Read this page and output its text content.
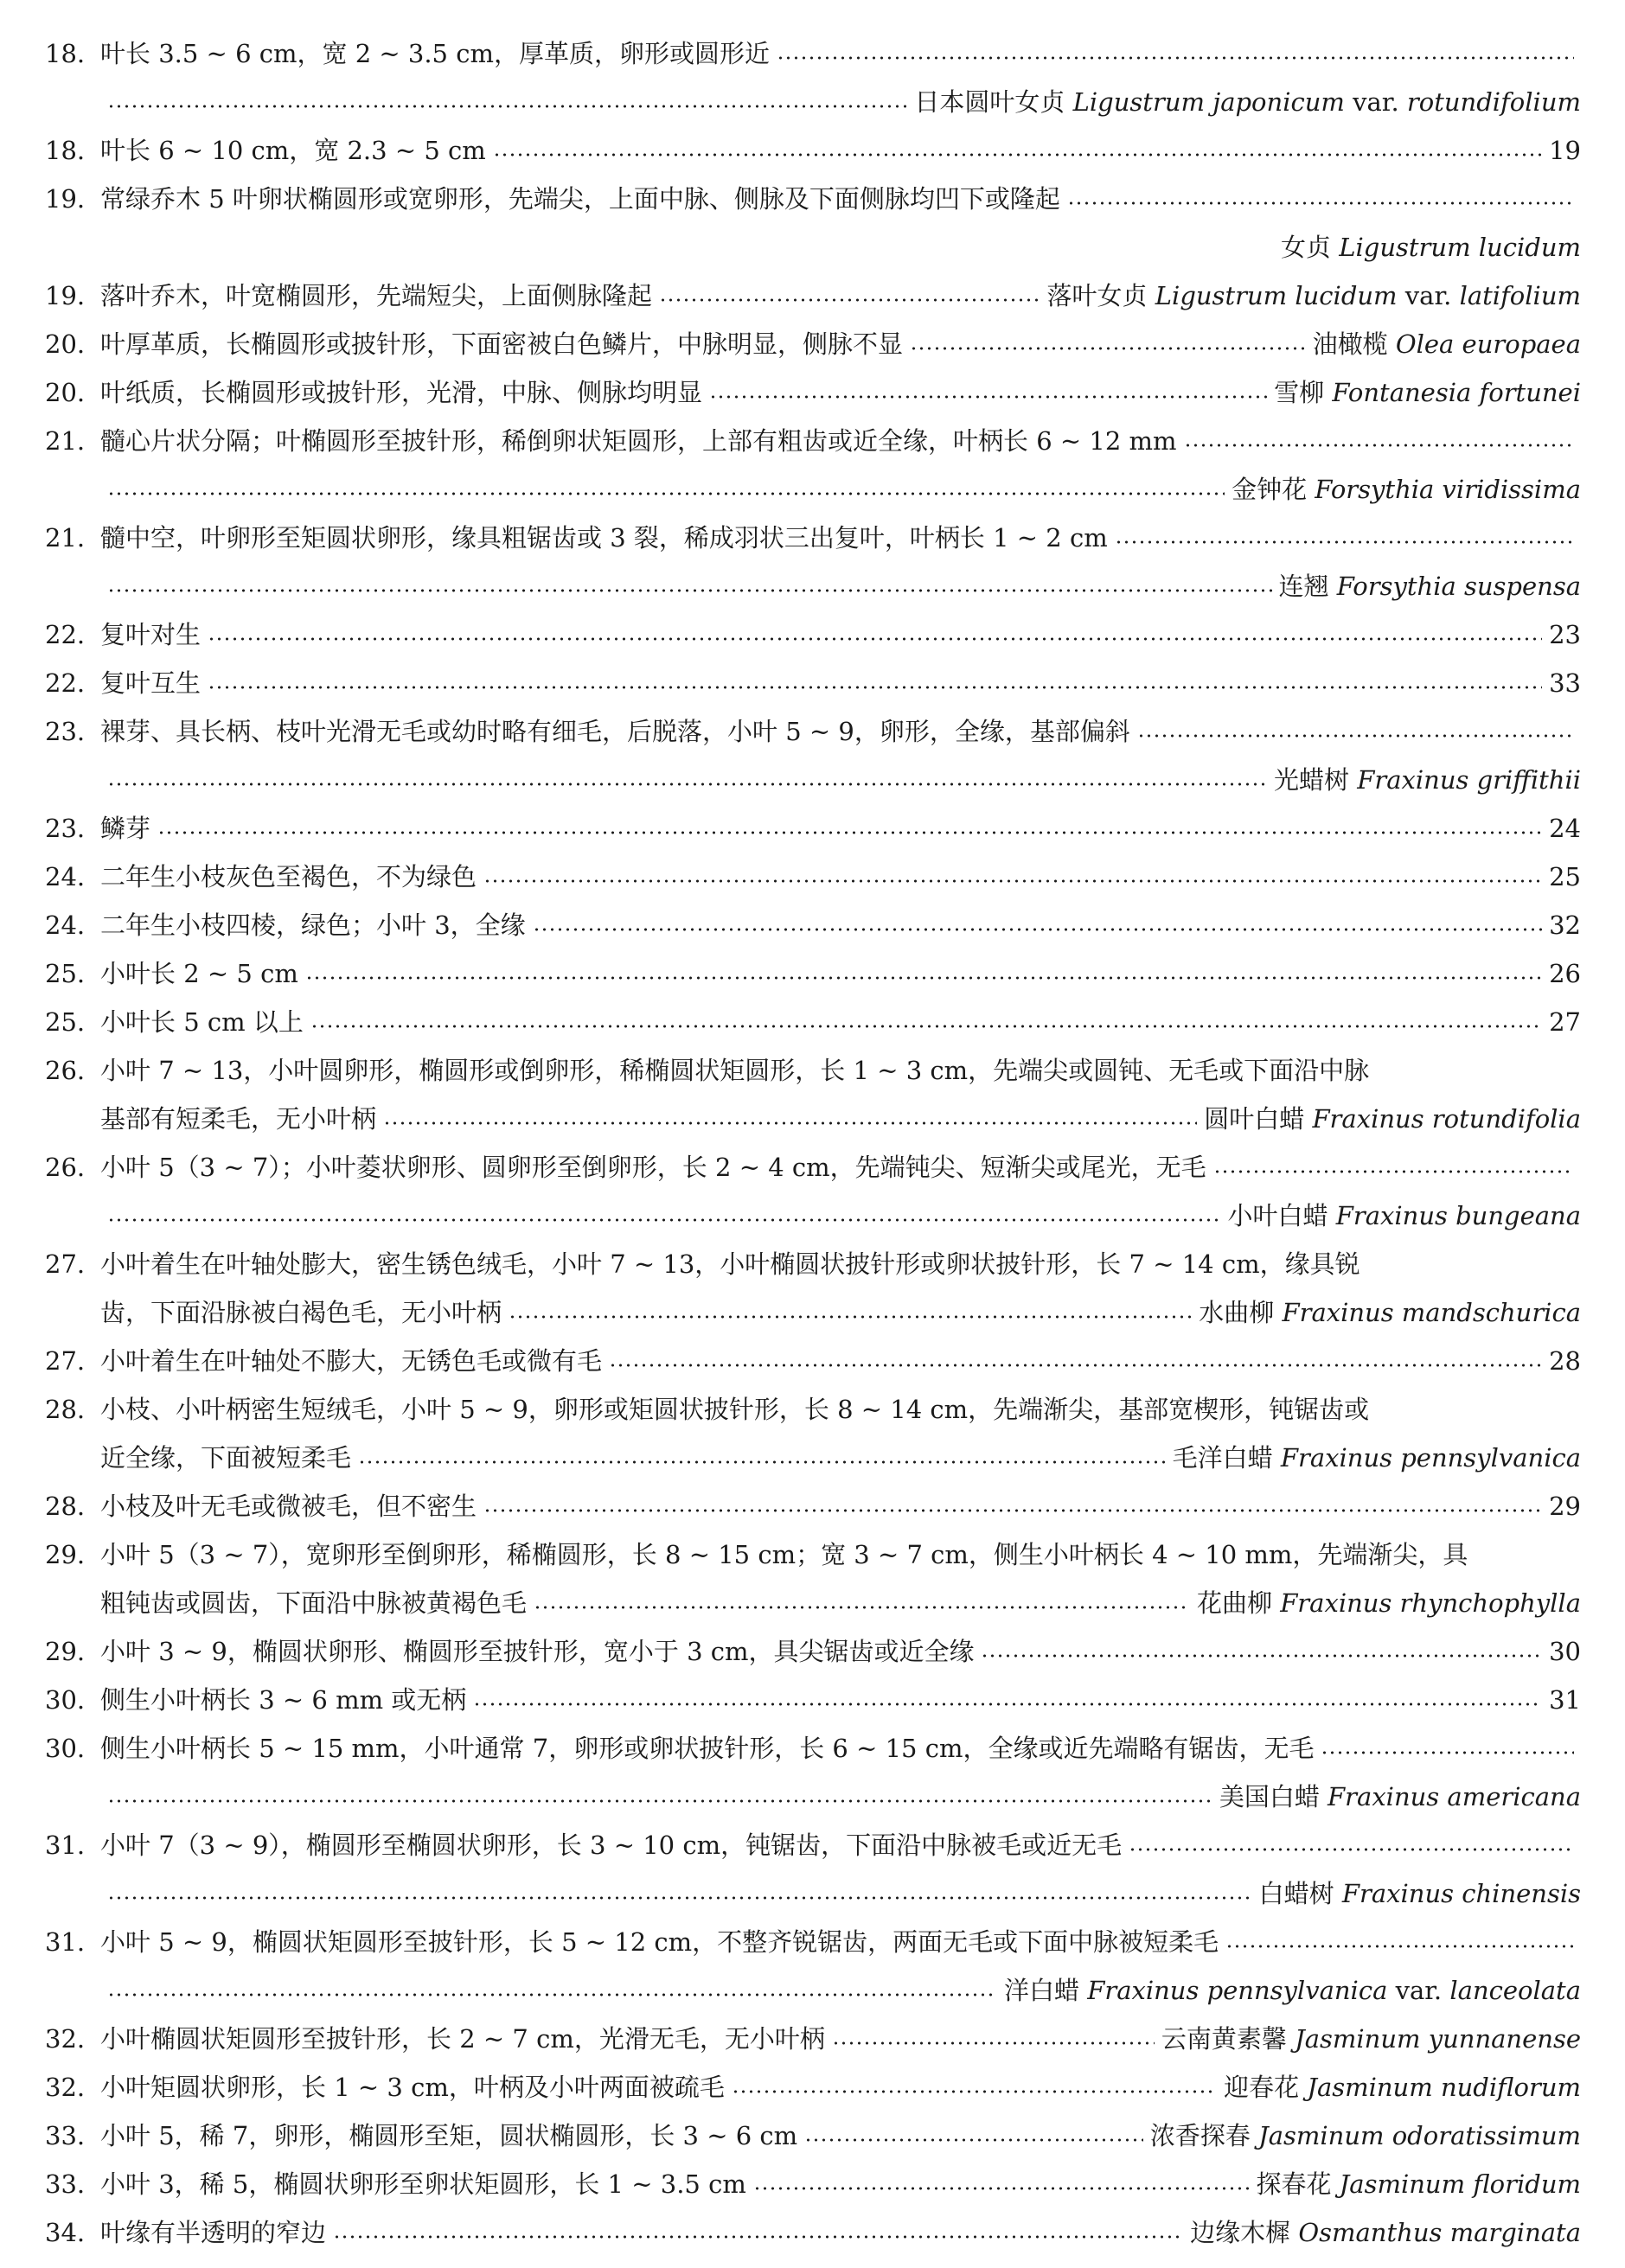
18. 叶长 3.5 ~ 6 cm，宽 2 ~ 3.5 cm，厚革质，卵形或圆形近
日本圆叶女贞 Ligustrum japonicum var. rotundifolium
18. 叶长 6 ~ 10 cm，宽 2.3 ~ 5 cm	19
19. 常绿乔木 5 叶卵状椭圆形或宽卵形，先端尖，上面中脉、侧脉及下面侧脉均凹下或隆起
女贞 Ligustrum lucidum
19. 落叶乔木，叶宽椭圆形，先端短尖，上面侧脉隆起	落叶女贞 Ligustrum lucidum var. latifolium
20. 叶厚革质，长椭圆形或披针形，下面密被白色鳞片，中脉明显，侧脉不显	油橄榄 Olea europaea
20. 叶纸质，长椭圆形或披针形，光滑，中脉、侧脉均明显	雪柳 Fontanesia fortunei
21. 髓心片状分隔；叶椭圆形至披针形，稀倒卵状矩圆形，上部有粗齿或近全缘，叶柄长 6 ~ 12 mm
金钟花 Forsythia viridissima
21. 髓中空，叶卵形至矩圆状卵形，缘具粗锯齿或 3 裂，稀成羽状三出复叶，叶柄长 1 ~ 2 cm
连翘 Forsythia suspensa
22. 复叶对生	23
22. 复叶互生	33
23. 裸芽、具长柄、枝叶光滑无毛或幼时略有细毛，后脱落，小叶 5 ~ 9，卵形，全缘，基部偏斜
光蜡树 Fraxinus griffithii
23. 鳞芽	24
24. 二年生小枝灰色至褐色，不为绿色	25
24. 二年生小枝四棱，绿色；小叶 3，全缘	32
25. 小叶长 2 ~ 5 cm	26
25. 小叶长 5 cm 以上	27
26. 小叶 7 ~ 13，小叶圆卵形，椭圆形或倒卵形，稀椭圆状矩圆形，长 1 ~ 3 cm，先端尖或圆钝、无毛或下面沿中脉
基部有短柔毛，无小叶柄	圆叶白蜡 Fraxinus rotundifolia
26. 小叶 5（3 ~ 7）；小叶菱状卵形、圆卵形至倒卵形，长 2 ~ 4 cm，先端钝尖、短渐尖或尾光，无毛
小叶白蜡 Fraxinus bungeana
27. 小叶着生在叶轴处膨大，密生锈色绒毛，小叶 7 ~ 13，小叶椭圆状披针形或卵状披针形，长 7 ~ 14 cm，缘具锐
齿，下面沿脉被白褐色毛，无小叶柄	水曲柳 Fraxinus mandschurica
27. 小叶着生在叶轴处不膨大，无锈色毛或微有毛	28
28. 小枝、小叶柄密生短绒毛，小叶 5 ~ 9，卵形或矩圆状披针形，长 8 ~ 14 cm，先端渐尖，基部宽楔形，钝锯齿或
近全缘，下面被短柔毛	毛洋白蜡 Fraxinus pennsylvanica
28. 小枝及叶无毛或微被毛，但不密生	29
29. 小叶 5（3 ~ 7），宽卵形至倒卵形，稀椭圆形，长 8 ~ 15 cm；宽 3 ~ 7 cm，侧生小叶柄长 4 ~ 10 mm，先端渐尖，具
粗钝齿或圆齿，下面沿中脉被黄褐色毛	花曲柳 Fraxinus rhynchophylla
29. 小叶 3 ~ 9，椭圆状卵形、椭圆形至披针形，宽小于 3 cm，具尖锯齿或近全缘	30
30. 侧生小叶柄长 3 ~ 6 mm 或无柄	31
30. 侧生小叶柄长 5 ~ 15 mm，小叶通常 7，卵形或卵状披针形，长 6 ~ 15 cm，全缘或近先端略有锯齿，无毛
美国白蜡 Fraxinus americana
31. 小叶 7（3 ~ 9），椭圆形至椭圆状卵形，长 3 ~ 10 cm，钝锯齿，下面沿中脉被毛或近无毛
白蜡树 Fraxinus chinensis
31. 小叶 5 ~ 9，椭圆状矩圆形至披针形，长 5 ~ 12 cm，不整齐锐锯齿，两面无毛或下面中脉被短柔毛
洋白蜡 Fraxinus pennsylvanica var. lanceolata
32. 小叶椭圆状矩圆形至披针形，长 2 ~ 7 cm，光滑无毛，无小叶柄	云南黄素馨 Jasminum yunnanense
32. 小叶矩圆状卵形，长 1 ~ 3 cm，叶柄及小叶两面被疏毛	迎春花 Jasminum nudiflorum
33. 小叶 5，稀 7，卵形，椭圆形至矩，圆状椭圆形，长 3 ~ 6 cm	浓香探春 Jasminum odoratissimum
33. 小叶 3，稀 5，椭圆状卵形至卵状矩圆形，长 1 ~ 3.5 cm	探春花 Jasminum floridum
34. 叶缘有半透明的窄边	边缘木樨 Osmanthus marginata
